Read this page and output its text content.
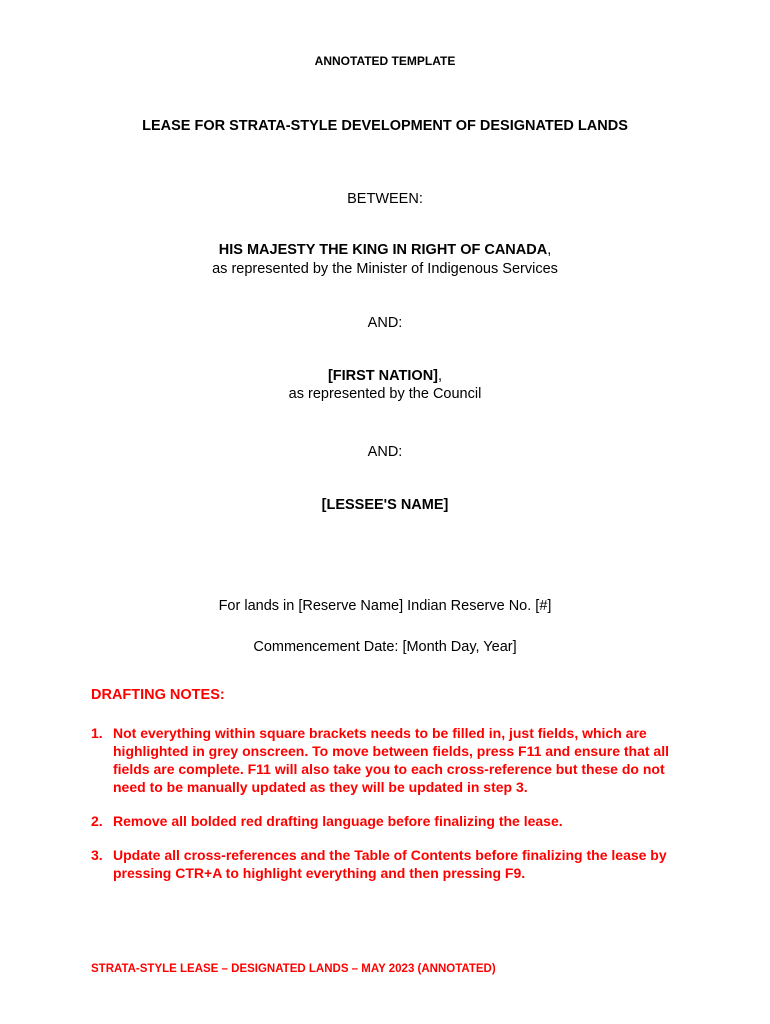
ANNOTATED TEMPLATE
LEASE FOR STRATA-STYLE DEVELOPMENT OF DESIGNATED LANDS
BETWEEN:
HIS MAJESTY THE KING IN RIGHT OF CANADA,
as represented by the Minister of Indigenous Services
AND:
[FIRST NATION],
as represented by the Council
AND:
[LESSEE'S NAME]
For lands in [Reserve Name] Indian Reserve No. [#]
Commencement Date: [Month Day, Year]
DRAFTING NOTES:
1. Not everything within square brackets needs to be filled in, just fields, which are highlighted in grey onscreen. To move between fields, press F11 and ensure that all fields are complete. F11 will also take you to each cross-reference but these do not need to be manually updated as they will be updated in step 3.
2. Remove all bolded red drafting language before finalizing the lease.
3. Update all cross-references and the Table of Contents before finalizing the lease by pressing CTR+A to highlight everything and then pressing F9.
STRATA-STYLE LEASE – DESIGNATED LANDS – MAY 2023 (ANNOTATED)
